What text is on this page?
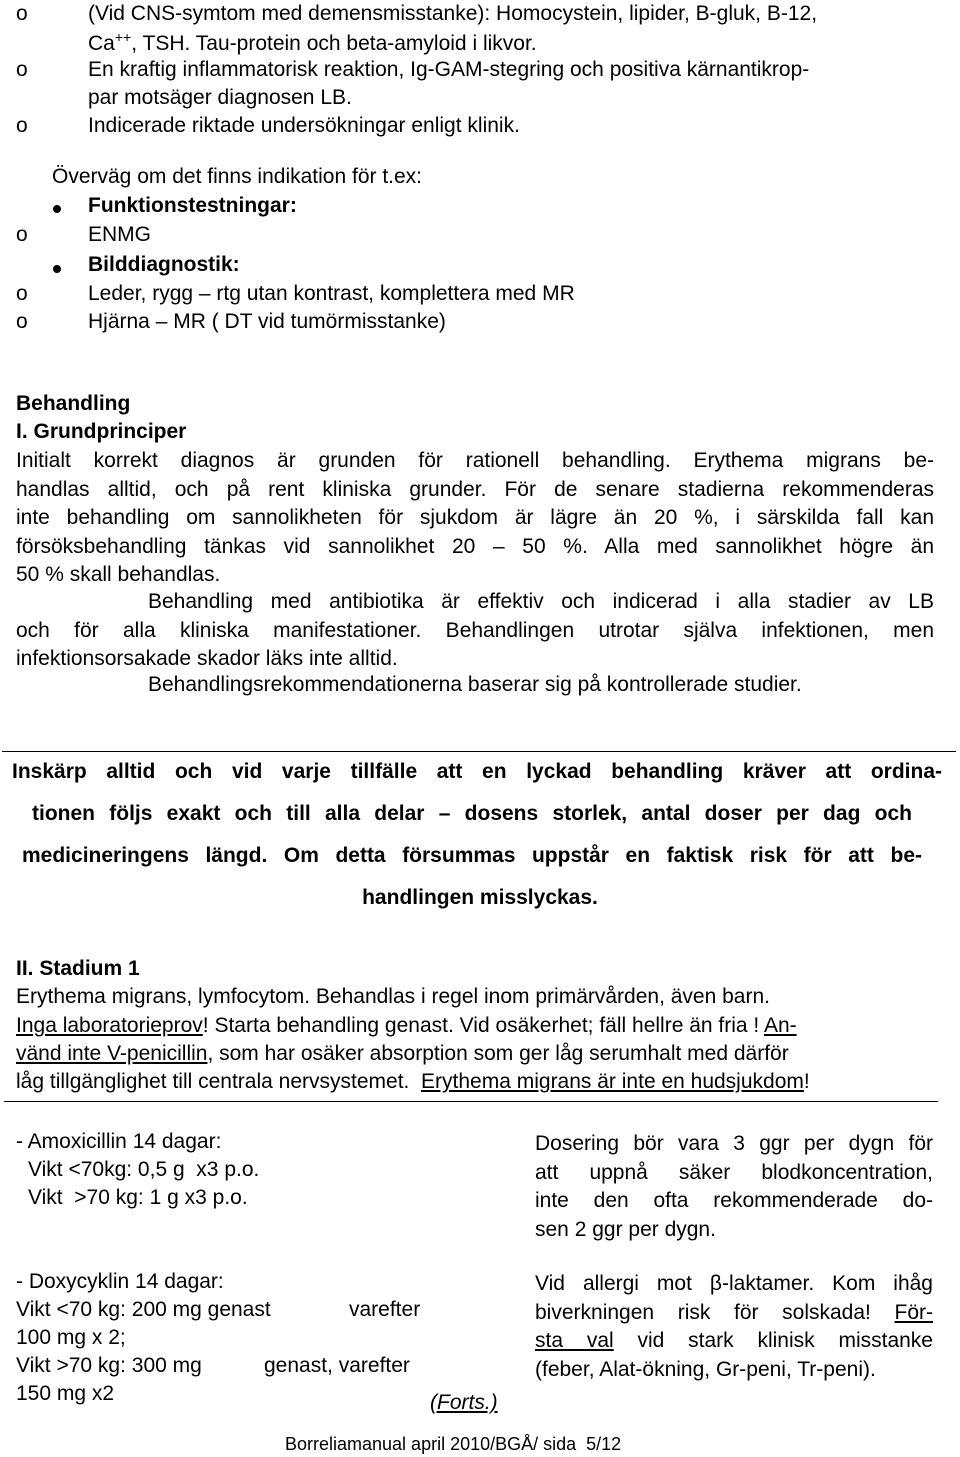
o	(Vid CNS-symtom med demensmisstanke): Homocystein, lipider, B-gluk, B-12,
Ca++, TSH. Tau-protein och beta-amyloid i likvor.
o	En kraftig inflammatorisk reaktion, Ig-GAM-stegring och positiva kärnantikrop-
par motsäger diagnosen LB.
o	Indicerade riktade undersökningar enligt klinik.
Överväg om det finns indikation för t.ex:
Funktionstestningar:
o	ENMG
Bilddiagnostik:
o	Leder, rygg – rtg utan kontrast, komplettera med MR
o	Hjärna – MR ( DT vid tumörmisstanke)
Behandling
I. Grundprinciper
Initialt korrekt diagnos är grunden för rationell behandling. Erythema migrans be-
handlas alltid, och på rent kliniska grunder. För de senare stadierna rekommenderas
inte behandling om sannolikheten för sjukdom är lägre än 20 %, i särskilda fall kan
försöksbehandling tänkas vid sannolikhet 20 – 50 %. Alla med sannolikhet högre än
50 % skall behandlas.
Behandling med antibiotika är effektiv och indicerad i alla stadier av LB
och för alla kliniska manifestationer. Behandlingen utrotar själva infektionen, men
infektionsorsakade skador läks inte alltid.
Behandlingsrekommendationerna baserar sig på kontrollerade studier.
Inskärp alltid och vid varje tillfälle att en lyckad behandling kräver att ordina-
tionen följs exakt och till alla delar – dosens storlek, antal doser per dag och
medicineringens längd. Om detta försummas uppstår en faktisk risk för att be-
handlingen misslyckas.
II. Stadium 1
Erythema migrans, lymfocytom. Behandlas i regel inom primärvården, även barn.
Inga laboratorieprov! Starta behandling genast. Vid osäkerhet; fäll hellre än fria ! An-
vänd inte V-penicillin, som har osäker absorption som ger låg serumhalt med därför
låg tillgänglighet till centrala nervsystemet.  Erythema migrans är inte en hudsjukdom!
- Amoxicillin 14 dagar:
Vikt <70kg: 0,5 g  x3 p.o.
Vikt  >70 kg: 1 g x3 p.o.
- Doxycyklin 14 dagar:
Vikt <70 kg: 200 mg genast	varefter
100 mg x 2;
Vikt >70 kg: 300 mg	genast, varefter
150 mg x2	(Forts.)
Dosering bör vara 3 ggr per dygn för
att uppnå säker blodkoncentration,
inte den ofta rekommenderade do-
sen 2 ggr per dygn.
Vid allergi mot β-laktamer. Kom ihåg
biverkningen risk för solskada! För-
sta val vid stark klinisk misstanke
(feber, Alat-ökning, Gr-peni, Tr-peni).
Borreliamanual april 2010/BGÅ/ sida  5/12
